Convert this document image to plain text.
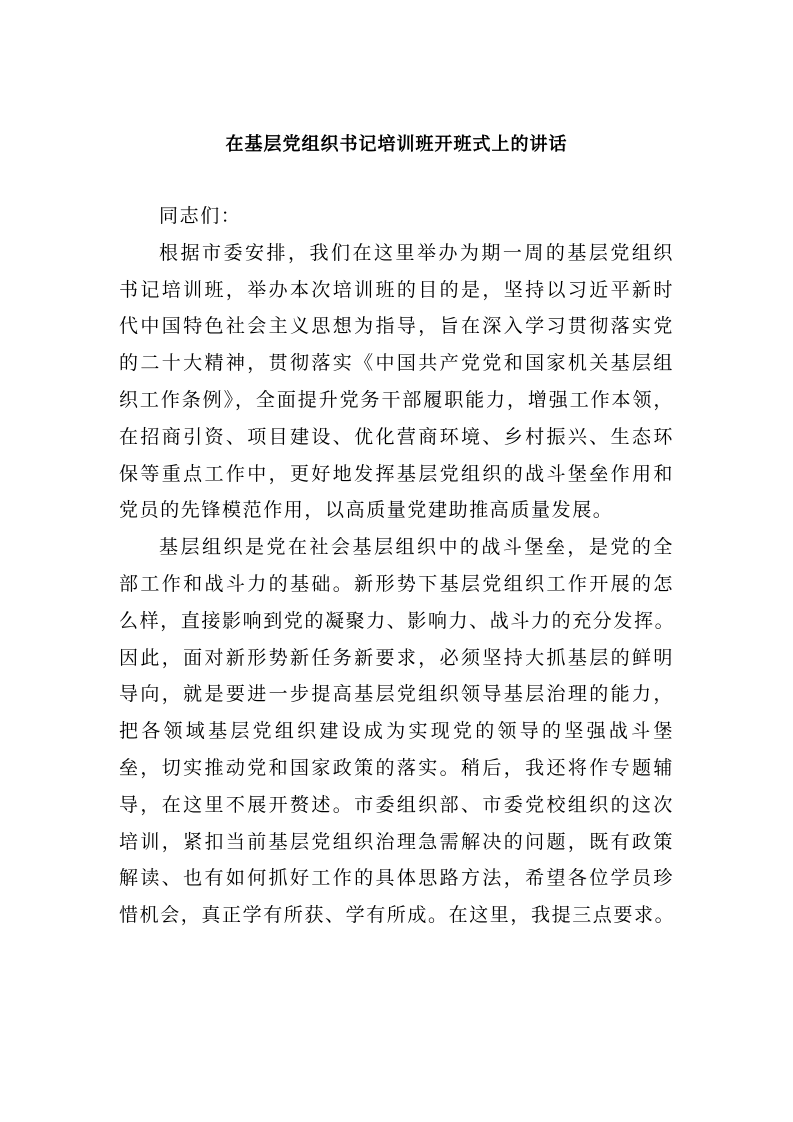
在基层党组织书记培训班开班式上的讲话

同志们：

根据市委安排，我们在这里举办为期一周的基层党组织
书记培训班，举办本次培训班的目的是，坚持以习近平新时
代中国特色社会主义思想为指导，旨在深入学习贯彻落实党
的二十大精神，贯彻落实《中国共产党党和国家机关基层组
织工作条例》，全面提升党务干部履职能力，增强工作本领，
在招商引资、项目建设、优化营商环境、乡村振兴、生态环
保等重点工作中，更好地发挥基层党组织的战斗堡垒作用和
党员的先锋模范作用，以高质量党建助推高质量发展。

基层组织是党在社会基层组织中的战斗堡垒，是党的全
部工作和战斗力的基础。新形势下基层党组织工作开展的怎
么样，直接影响到党的凝聚力、影响力、战斗力的充分发挥。
因此，面对新形势新任务新要求，必须坚持大抓基层的鲜明
导向，就是要进一步提高基层党组织领导基层治理的能力，
把各领域基层党组织建设成为实现党的领导的坚强战斗堡
垒，切实推动党和国家政策的落实。稍后，我还将作专题辅
导，在这里不展开赘述。市委组织部、市委党校组织的这次
培训，紧扣当前基层党组织治理急需解决的问题，既有政策
解读、也有如何抓好工作的具体思路方法，希望各位学员珍
惜机会，真正学有所获、学有所成。在这里，我提三点要求。
